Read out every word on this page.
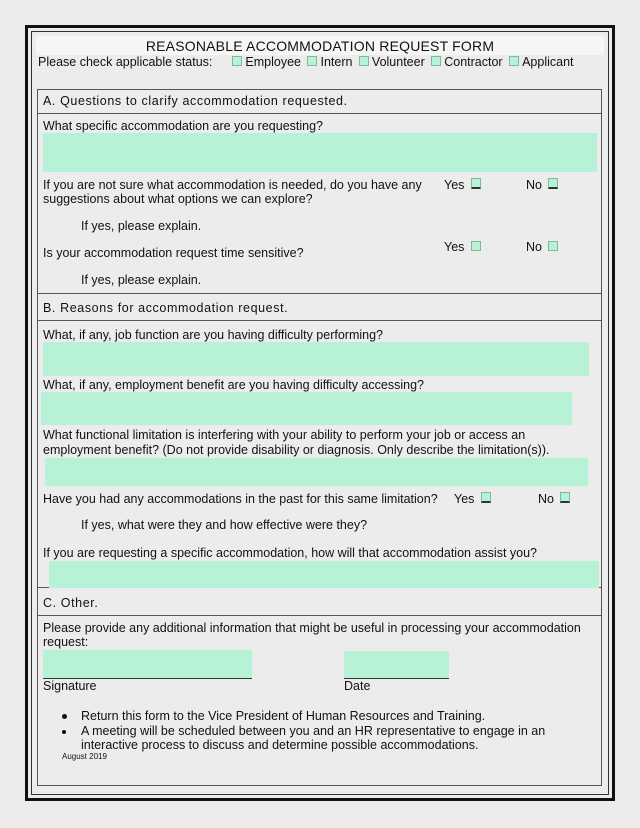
REASONABLE ACCOMMODATION REQUEST FORM
Please check applicable status:	Employee Intern Volunteer Contractor Applicant
A. Questions to clarify accommodation requested.
What specific accommodation are you requesting?
If you are not sure what accommodation is needed, do you have any
suggestions about what options we can explore?
Yes	No
If yes, please explain.
Is your accommodation request time sensitive?	Yes	No
If yes, please explain.
B. Reasons for accommodation request.
What, if any, job function are you having difficulty performing?
What, if any, employment benefit are you having difficulty accessing?
What functional limitation is interfering with your ability to perform your job or access an
employment benefit? (Do not provide disability or diagnosis. Only describe the limitation(s)).
Have you had any accommodations in the past for this same limitation? Yes	No
If yes, what were they and how effective were they?
If you are requesting a specific accommodation, how will that accommodation assist you?
C. Other.
Please provide any additional information that might be useful in processing your accommodation
request:
Signature	Date
Return this form to the Vice President of Human Resources and Training.
A meeting will be scheduled between you and an HR representative to engage in an
interactive process to discuss and determine possible accommodations.
August 2019
